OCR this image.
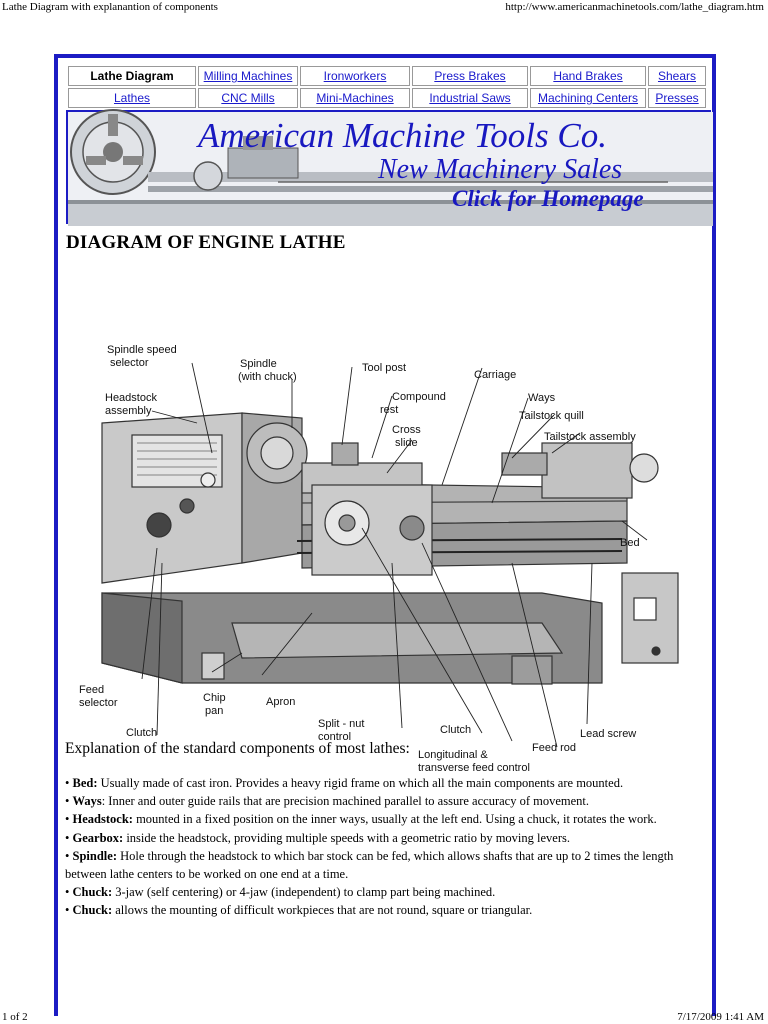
Lathe Diagram with explanantion of components	http://www.americanmachinetools.com/lathe_diagram.htm
Lathe Diagram	Milling Machines	Ironworkers	Press Brakes	Hand Brakes	Shears
Lathes	CNC Mills	Mini-Machines	Industrial Saws	Machining Centers	Presses
American Machine Tools Co.
New Machinery Sales
Click for Homepage
DIAGRAM OF ENGINE LATHE
Spindle speed
selector	Spindle
(with chuck)
Headstock
assembly
Tool post
Carriage
Compound
rest
Ways
Cross
slide
Tailstock quill
Tailstock assembly
Bed
Feed
selector	Chip
pan
Apron
Clutch
Split - nut
control
Clutch	Lead screw
Feed rod
Longitudinal &
transverse feed control
Explanation of the standard components of most lathes:

• Bed: Usually made of cast iron. Provides a heavy rigid frame on which all the main components are mounted.

• Ways: Inner and outer guide rails that are precision machined parallel to assure accuracy of movement.

• Headstock: mounted in a fixed position on the inner ways, usually at the left end. Using a chuck, it rotates the work.

• Gearbox: inside the headstock, providing multiple speeds with a geometric ratio by moving levers.

• Spindle: Hole through the headstock to which bar stock can be fed, which allows shafts that are up to 2 times the length between lathe centers to be worked on one end at a time.

• Chuck: 3-jaw (self centering) or 4-jaw (independent) to clamp part being machined.

• Chuck: allows the mounting of difficult workpieces that are not round, square or triangular.

1 of 2	7/17/2009 1:41 AM
